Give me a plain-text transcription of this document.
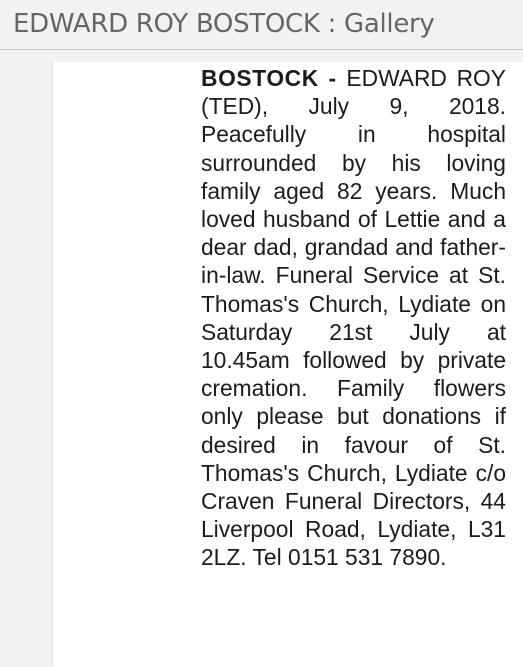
EDWARD ROY BOSTOCK : Gallery

BOSTOCK - EDWARD ROY (TED), July 9, 2018. Peacefully in hospital surrounded by his loving family aged 82 years. Much loved husband of Lettie and a dear dad, grandad and father-in-law. Funeral Service at St. Thomas's Church, Lydiate on Saturday 21st July at 10.45am followed by private cremation. Family flowers only please but donations if desired in favour of St. Thomas's Church, Lydiate c/o Craven Funeral Directors, 44 Liverpool Road, Lydiate, L31 2LZ. Tel 0151 531 7890.
